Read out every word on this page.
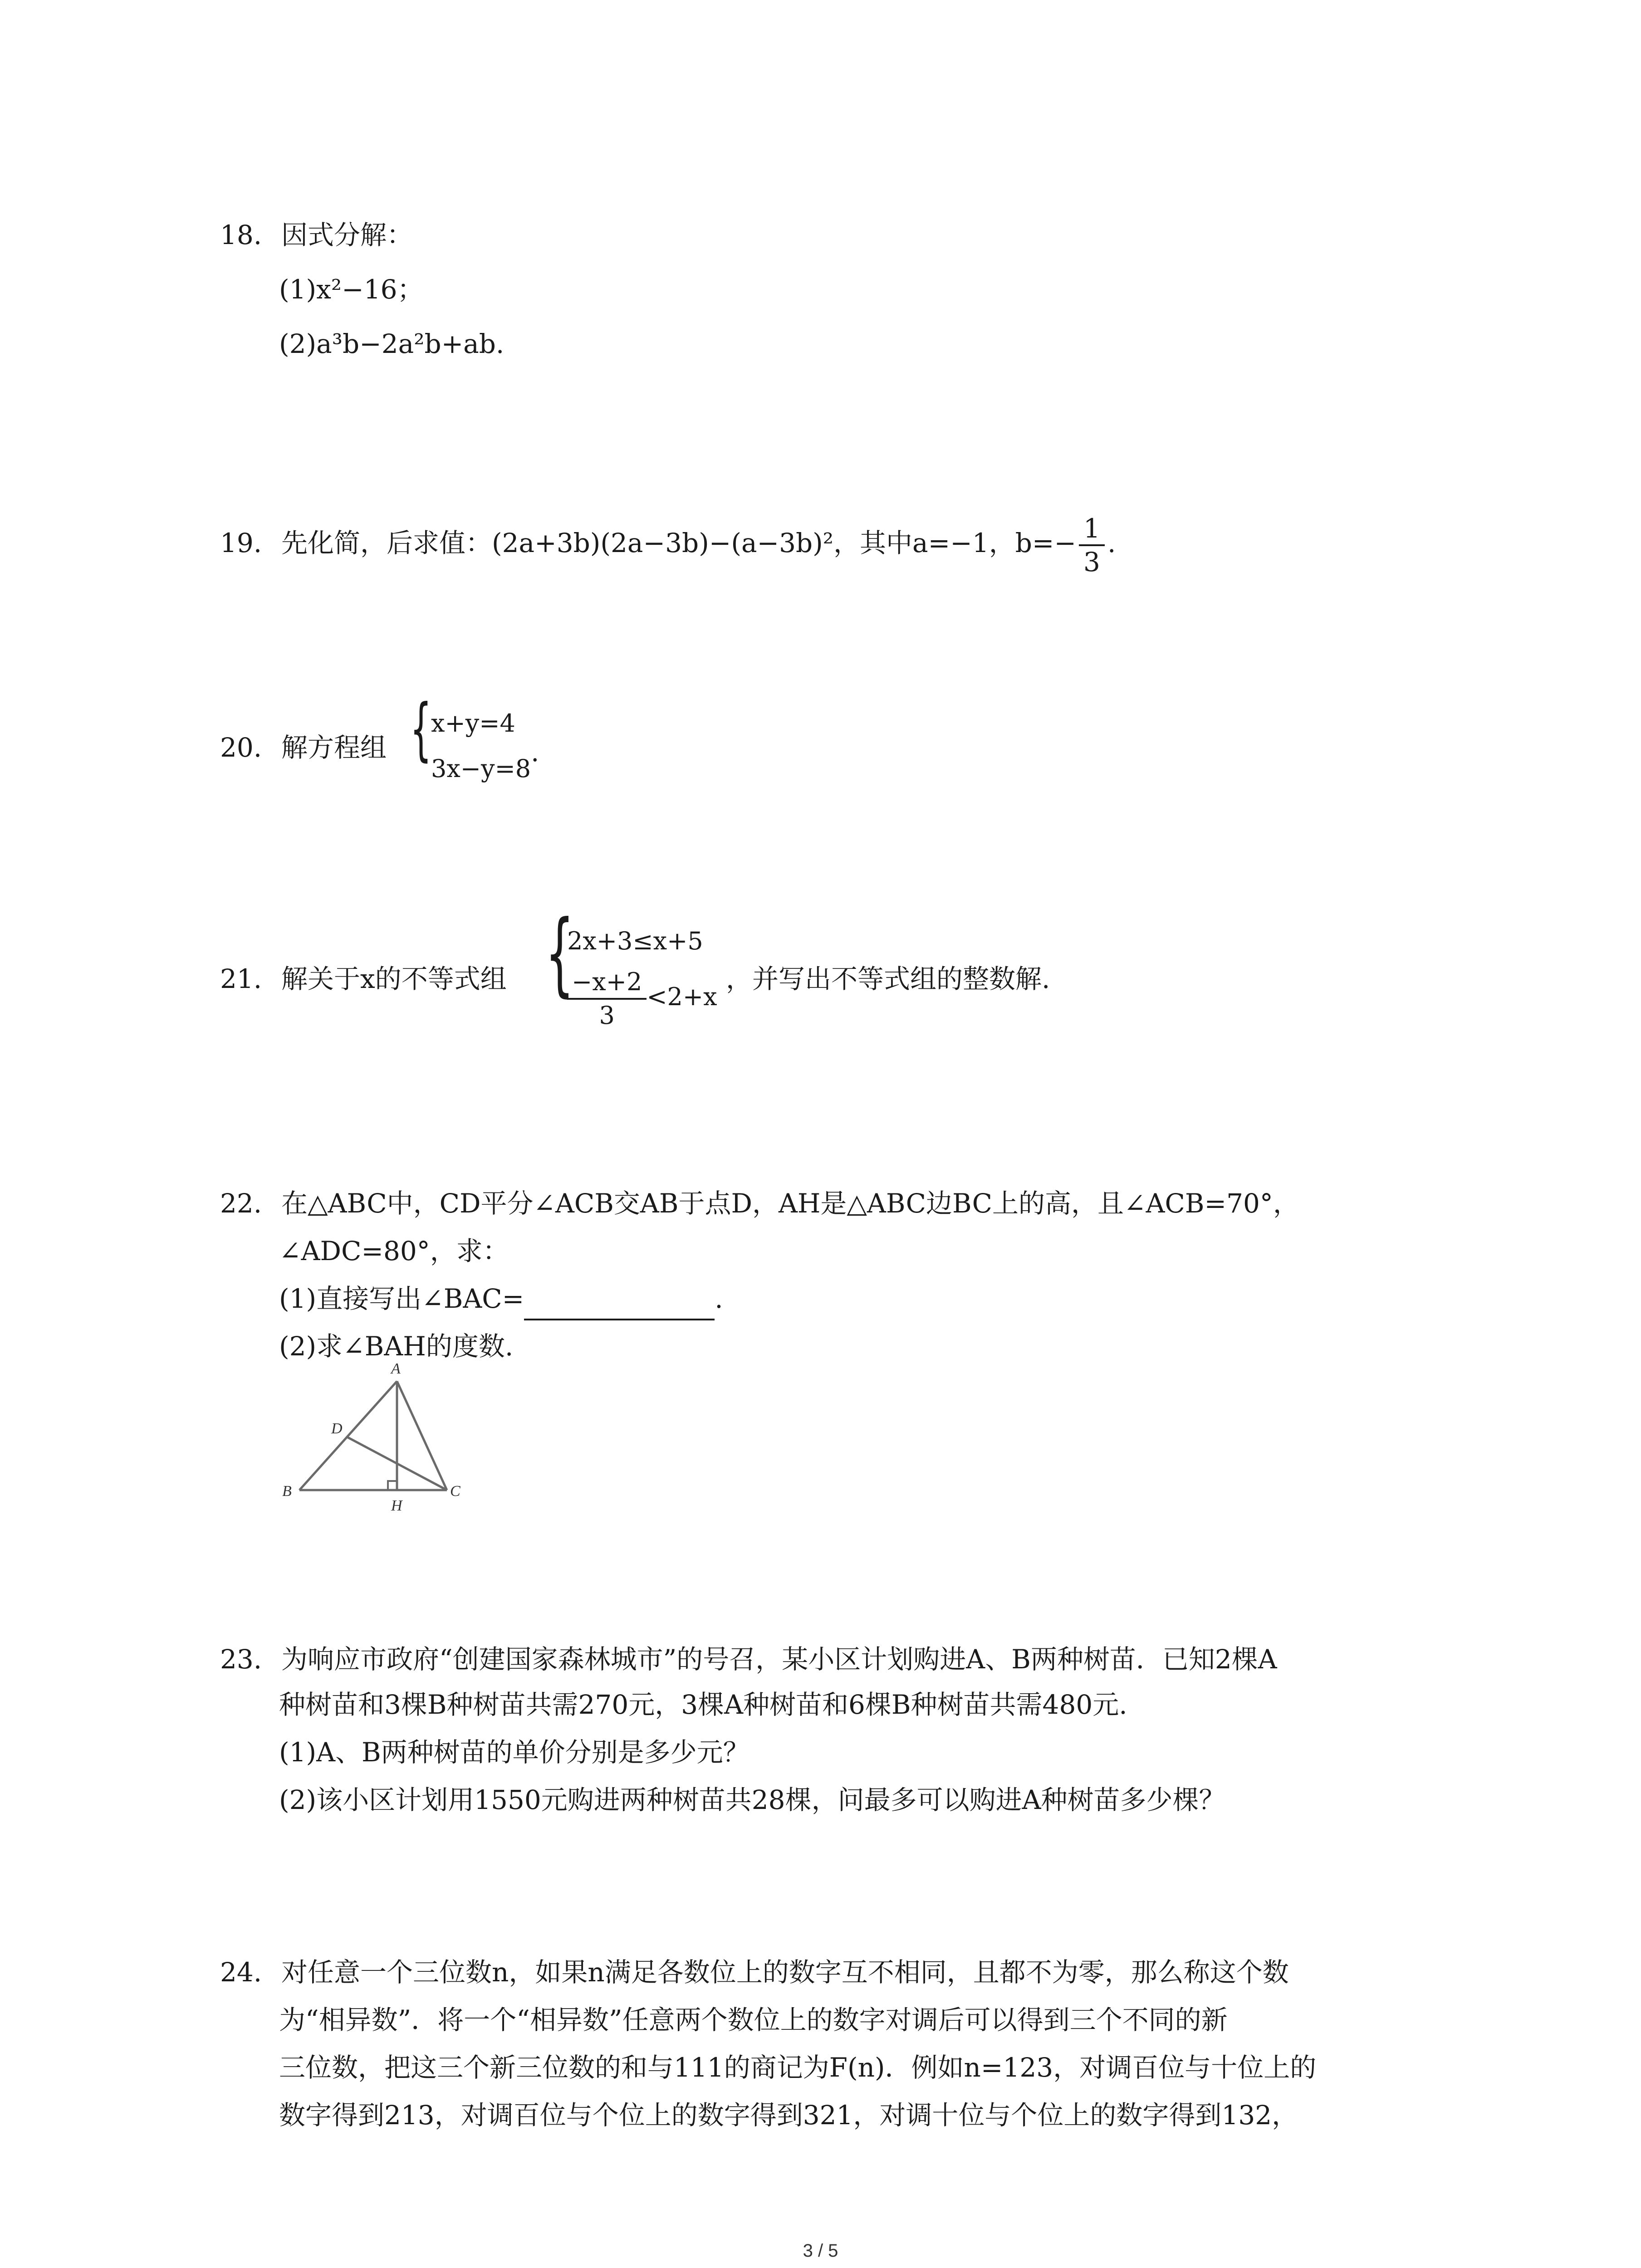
18. 因式分解：
(1)x²−16；
(2)a³b−2a²b+ab.
19. 先化简，后求值：(2a+3b)(2a−3b)−(a−3b)²，其中a=−1，$b=- \frac{1}{3}$ .
20. 解方程组 {
x+y=4
3x−y=8
.
21. 解关于x的不等式组 {
2x+3≤x+5
$\frac{-x+2}{3} <2+x$
，并写出不等式组的整数解.
22. 在△ABC中，CD平分∠ACB交AB于点D，AH是△ABC边BC上的高，且∠ACB=70°，
∠ADC=80°，求：
(1)直接写出∠BAC=	.
(2)求∠BAH的度数.
A
B	C
D
H
23. 为响应市政府“创建国家森林城市”的号召，某小区计划购进A、B两种树苗．已知2棵A
种树苗和3棵B种树苗共需270元，3棵A种树苗和6棵B种树苗共需480元.
(1)A、B两种树苗的单价分别是多少元？
(2)该小区计划用1550元购进两种树苗共28棵，问最多可以购进A种树苗多少棵？
24. 对任意一个三位数n，如果n满足各数位上的数字互不相同，且都不为零，那么称这个数
为“相异数”．将一个“相异数”任意两个数位上的数字对调后可以得到三个不同的新
三位数，把这三个新三位数的和与111的商记为F(n)．例如n=123，对调百位与十位上的
数字得到213，对调百位与个位上的数字得到321，对调十位与个位上的数字得到132，
3 / 5
